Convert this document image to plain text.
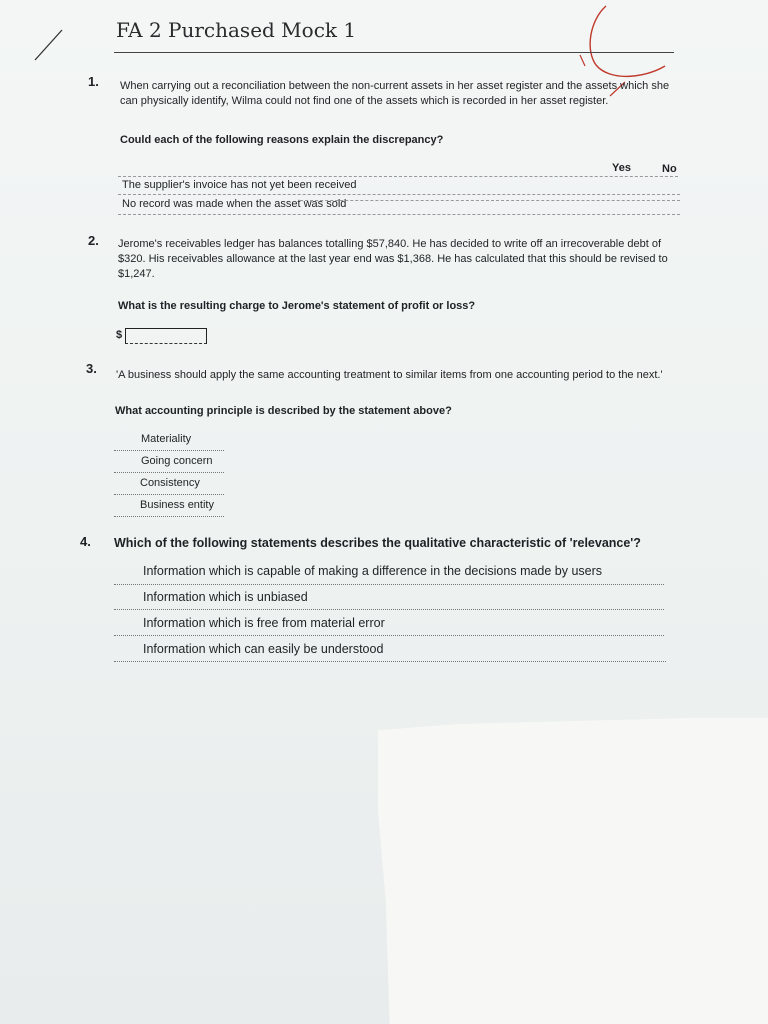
FA 2 Purchased Mock 1
1. When carrying out a reconciliation between the non-current assets in her asset register and the assets which she
can physically identify, Wilma could not find one of the assets which is recorded in her asset register.
Could each of the following reasons explain the discrepancy?
Yes	No
The supplier's invoice has not yet been received
No record was made when the asset was sold
2. Jerome's receivables ledger has balances totalling $57,840. He has decided to write off an irrecoverable debt of
$320. His receivables allowance at the last year end was $1,368. He has calculated that this should be revised to
$1,247.
What is the resulting charge to Jerome's statement of profit or loss?
$
3. 'A business should apply the same accounting treatment to similar items from one accounting period to the next.'
What accounting principle is described by the statement above?
Materiality
Going concern
Consistency
Business entity
4. Which of the following statements describes the qualitative characteristic of 'relevance'?
Information which is capable of making a difference in the decisions made by users
Information which is unbiased
Information which is free from material error
Information which can easily be understood
